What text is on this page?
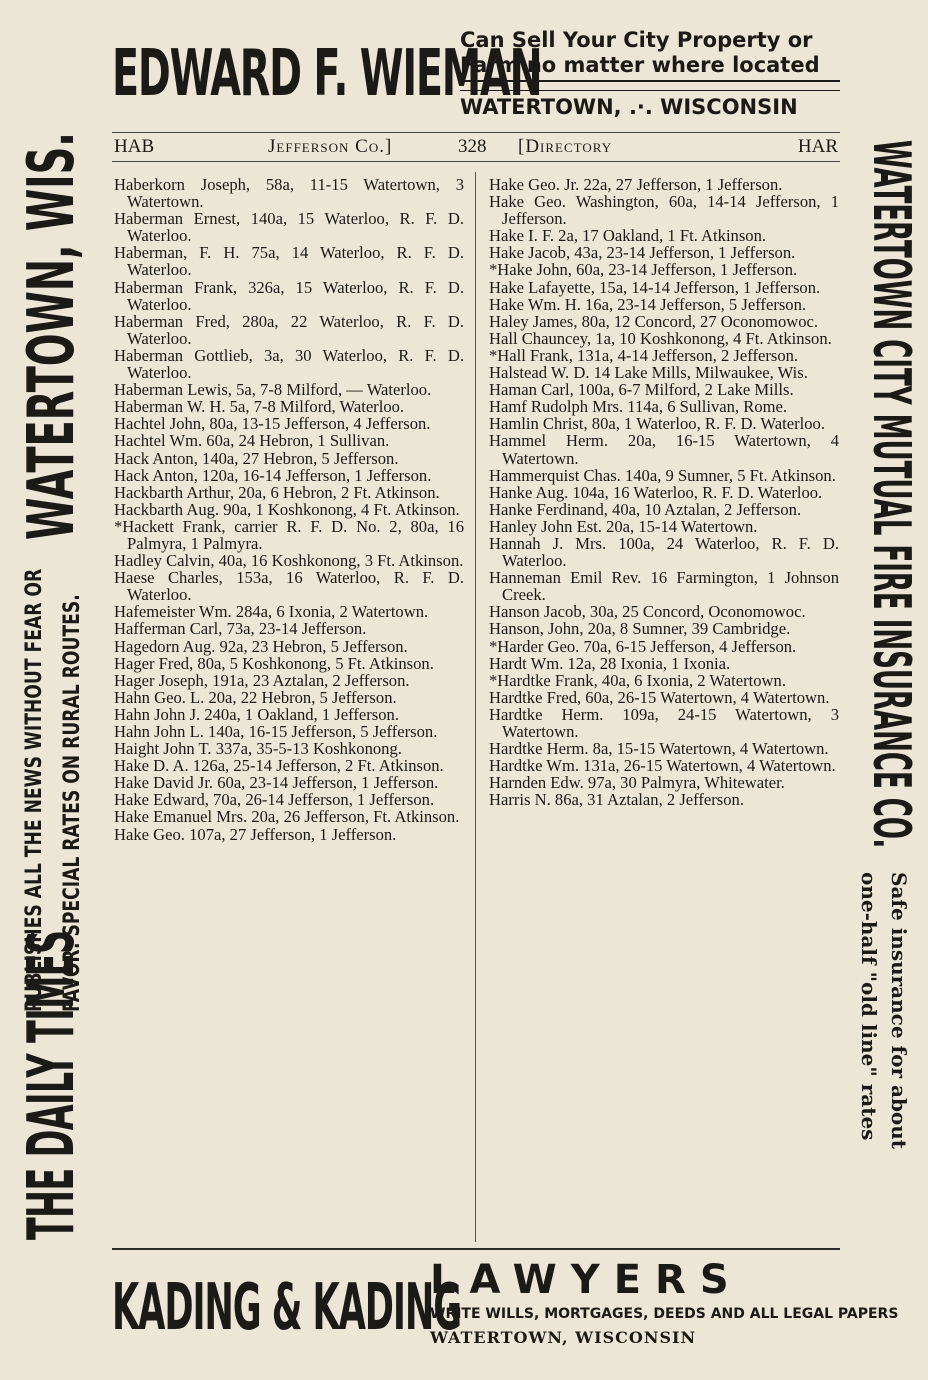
EDWARD F. WIEMAN
Can Sell Your City Property or
Farm no matter where located
WATERTOWN, .·. WISCONSIN
HAB	Jefferson Co.]	328 [Directory	HAR
Haberkorn Joseph, 58a, 11-15 Watertown, 3 Watertown.
Haberman Ernest, 140a, 15 Waterloo, R. F. D. Waterloo.
Haberman, F. H. 75a, 14 Waterloo, R. F. D. Waterloo.
Haberman Frank, 326a, 15 Waterloo, R. F. D. Waterloo.
Haberman Fred, 280a, 22 Waterloo, R. F. D. Waterloo.
Haberman Gottlieb, 3a, 30 Waterloo, R. F. D. Waterloo.
Haberman Lewis, 5a, 7-8 Milford, — Waterloo.
Haberman W. H. 5a, 7-8 Milford, Waterloo.
Hachtel John, 80a, 13-15 Jefferson, 4 Jefferson.
Hachtel Wm. 60a, 24 Hebron, 1 Sullivan.
Hack Anton, 140a, 27 Hebron, 5 Jefferson.
Hack Anton, 120a, 16-14 Jefferson, 1 Jefferson.
Hackbarth Arthur, 20a, 6 Hebron, 2 Ft. Atkinson.
Hackbarth Aug. 90a, 1 Koshkonong, 4 Ft. Atkinson.
*Hackett Frank, carrier R. F. D. No. 2, 80a, 16 Palmyra, 1 Palmyra.
Hadley Calvin, 40a, 16 Koshkonong, 3 Ft. Atkinson.
Haese Charles, 153a, 16 Waterloo, R. F. D. Waterloo.
Hafemeister Wm. 284a, 6 Ixonia, 2 Watertown.
Hafferman Carl, 73a, 23-14 Jefferson.
Hagedorn Aug. 92a, 23 Hebron, 5 Jefferson.
Hager Fred, 80a, 5 Koshkonong, 5 Ft. Atkinson.
Hager Joseph, 191a, 23 Aztalan, 2 Jefferson.
Hahn Geo. L. 20a, 22 Hebron, 5 Jefferson.
Hahn John J. 240a, 1 Oakland, 1 Jefferson.
Hahn John L. 140a, 16-15 Jefferson, 5 Jefferson.
Haight John T. 337a, 35-5-13 Koshkonong.
Hake D. A. 126a, 25-14 Jefferson, 2 Ft. Atkinson.
Hake David Jr. 60a, 23-14 Jefferson, 1 Jefferson.
Hake Edward, 70a, 26-14 Jefferson, 1 Jefferson.
Hake Emanuel Mrs. 20a, 26 Jefferson, Ft. Atkinson.
Hake Geo. 107a, 27 Jefferson, 1 Jefferson.
Hake Geo. Jr. 22a, 27 Jefferson, 1 Jefferson.
Hake Geo. Washington, 60a, 14-14 Jefferson, 1 Jefferson.
Hake I. F. 2a, 17 Oakland, 1 Ft. Atkinson.
Hake Jacob, 43a, 23-14 Jefferson, 1 Jefferson.
*Hake John, 60a, 23-14 Jefferson, 1 Jefferson.
Hake Lafayette, 15a, 14-14 Jefferson, 1 Jefferson.
Hake Wm. H. 16a, 23-14 Jefferson, 5 Jefferson.
Haley James, 80a, 12 Concord, 27 Oconomowoc.
Hall Chauncey, 1a, 10 Koshkonong, 4 Ft. Atkinson.
*Hall Frank, 131a, 4-14 Jefferson, 2 Jefferson.
Halstead W. D. 14 Lake Mills, Milwaukee, Wis.
Haman Carl, 100a, 6-7 Milford, 2 Lake Mills.
Hamf Rudolph Mrs. 114a, 6 Sullivan, Rome.
Hamlin Christ, 80a, 1 Waterloo, R. F. D. Waterloo.
Hammel Herm. 20a, 16-15 Watertown, 4 Watertown.
Hammerquist Chas. 140a, 9 Sumner, 5 Ft. Atkinson.
Hanke Aug. 104a, 16 Waterloo, R. F. D. Waterloo.
Hanke Ferdinand, 40a, 10 Aztalan, 2 Jefferson.
Hanley John Est. 20a, 15-14 Watertown.
Hannah J. Mrs. 100a, 24 Waterloo, R. F. D. Waterloo.
Hanneman Emil Rev. 16 Farmington, 1 Johnson Creek.
Hanson Jacob, 30a, 25 Concord, Oconomowoc.
Hanson, John, 20a, 8 Sumner, 39 Cambridge.
*Harder Geo. 70a, 6-15 Jefferson, 4 Jefferson.
Hardt Wm. 12a, 28 Ixonia, 1 Ixonia.
*Hardtke Frank, 40a, 6 Ixonia, 2 Watertown.
Hardtke Fred, 60a, 26-15 Watertown, 4 Watertown.
Hardtke Herm. 109a, 24-15 Watertown, 3 Watertown.
Hardtke Herm. 8a, 15-15 Watertown, 4 Watertown.
Hardtke Wm. 131a, 26-15 Watertown, 4 Watertown.
Harnden Edw. 97a, 30 Palmyra, Whitewater.
Harris N. 86a, 31 Aztalan, 2 Jefferson.
KADING & KADING
LAWYERS
WRITE WILLS, MORTGAGES, DEEDS AND ALL LEGAL PAPERS
WATERTOWN, WISCONSIN
THE DAILY TIMES
PUBLISHES ALL THE NEWS WITHOUT FEAR OR FAVOR. SPECIAL RATES ON RURAL ROUTES.
WATERTOWN, WIS.	WATERTOWN CITY MUTUAL FIRE INSURANCE CO.
Safe insurance for about
one-half "old line" rates
